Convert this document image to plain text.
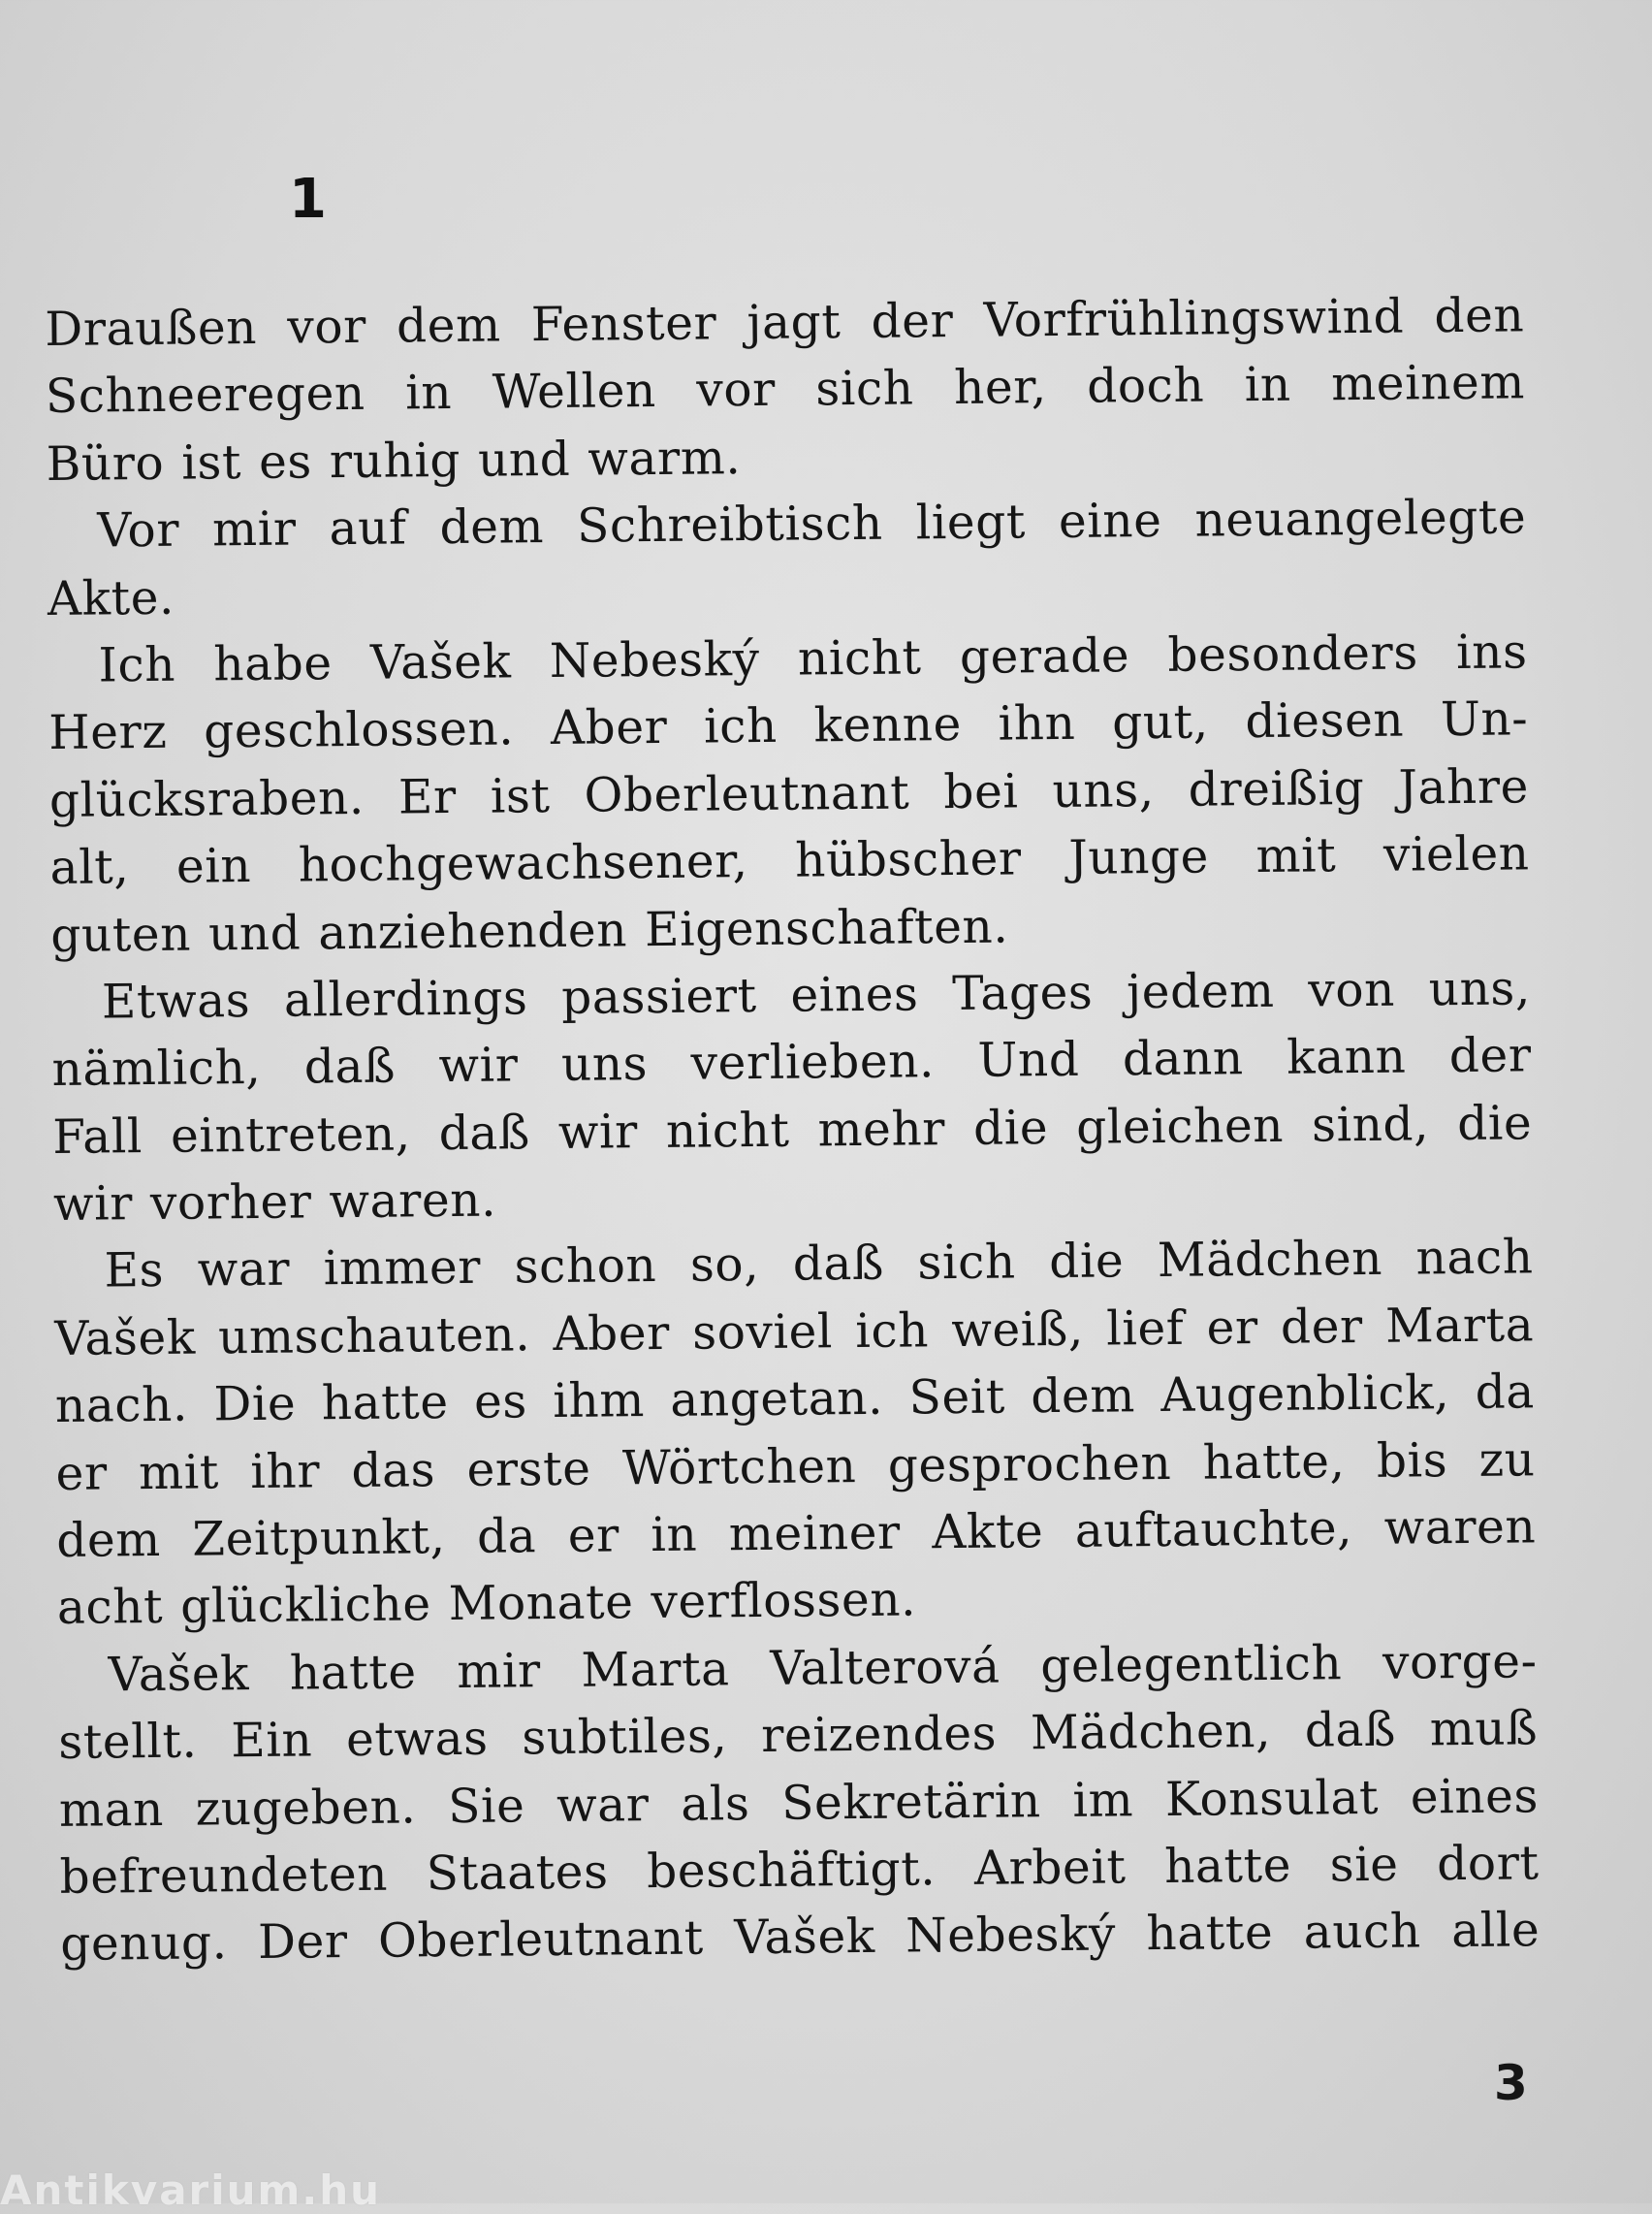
1
Draußen vor dem Fenster jagt der Vorfrühlingswind den
Schneeregen in Wellen vor sich her, doch in meinem
Büro ist es ruhig und warm.
Vor mir auf dem Schreibtisch liegt eine neuangelegte
Akte.
Ich habe Vašek Nebeský nicht gerade besonders ins
Herz geschlossen. Aber ich kenne ihn gut, diesen Un-
glücksraben. Er ist Oberleutnant bei uns, dreißig Jahre
alt, ein hochgewachsener, hübscher Junge mit vielen
guten und anziehenden Eigenschaften.
Etwas allerdings passiert eines Tages jedem von uns,
nämlich, daß wir uns verlieben. Und dann kann der
Fall eintreten, daß wir nicht mehr die gleichen sind, die
wir vorher waren.
Es war immer schon so, daß sich die Mädchen nach
Vašek umschauten. Aber soviel ich weiß, lief er der Marta
nach. Die hatte es ihm angetan. Seit dem Augenblick, da
er mit ihr das erste Wörtchen gesprochen hatte, bis zu
dem Zeitpunkt, da er in meiner Akte auftauchte, waren
acht glückliche Monate verflossen.
Vašek hatte mir Marta Valterová gelegentlich vorge-
stellt. Ein etwas subtiles, reizendes Mädchen, daß muß
man zugeben. Sie war als Sekretärin im Konsulat eines
befreundeten Staates beschäftigt. Arbeit hatte sie dort
genug. Der Oberleutnant Vašek Nebeský hatte auch alle
3
Antikvarium.hu
